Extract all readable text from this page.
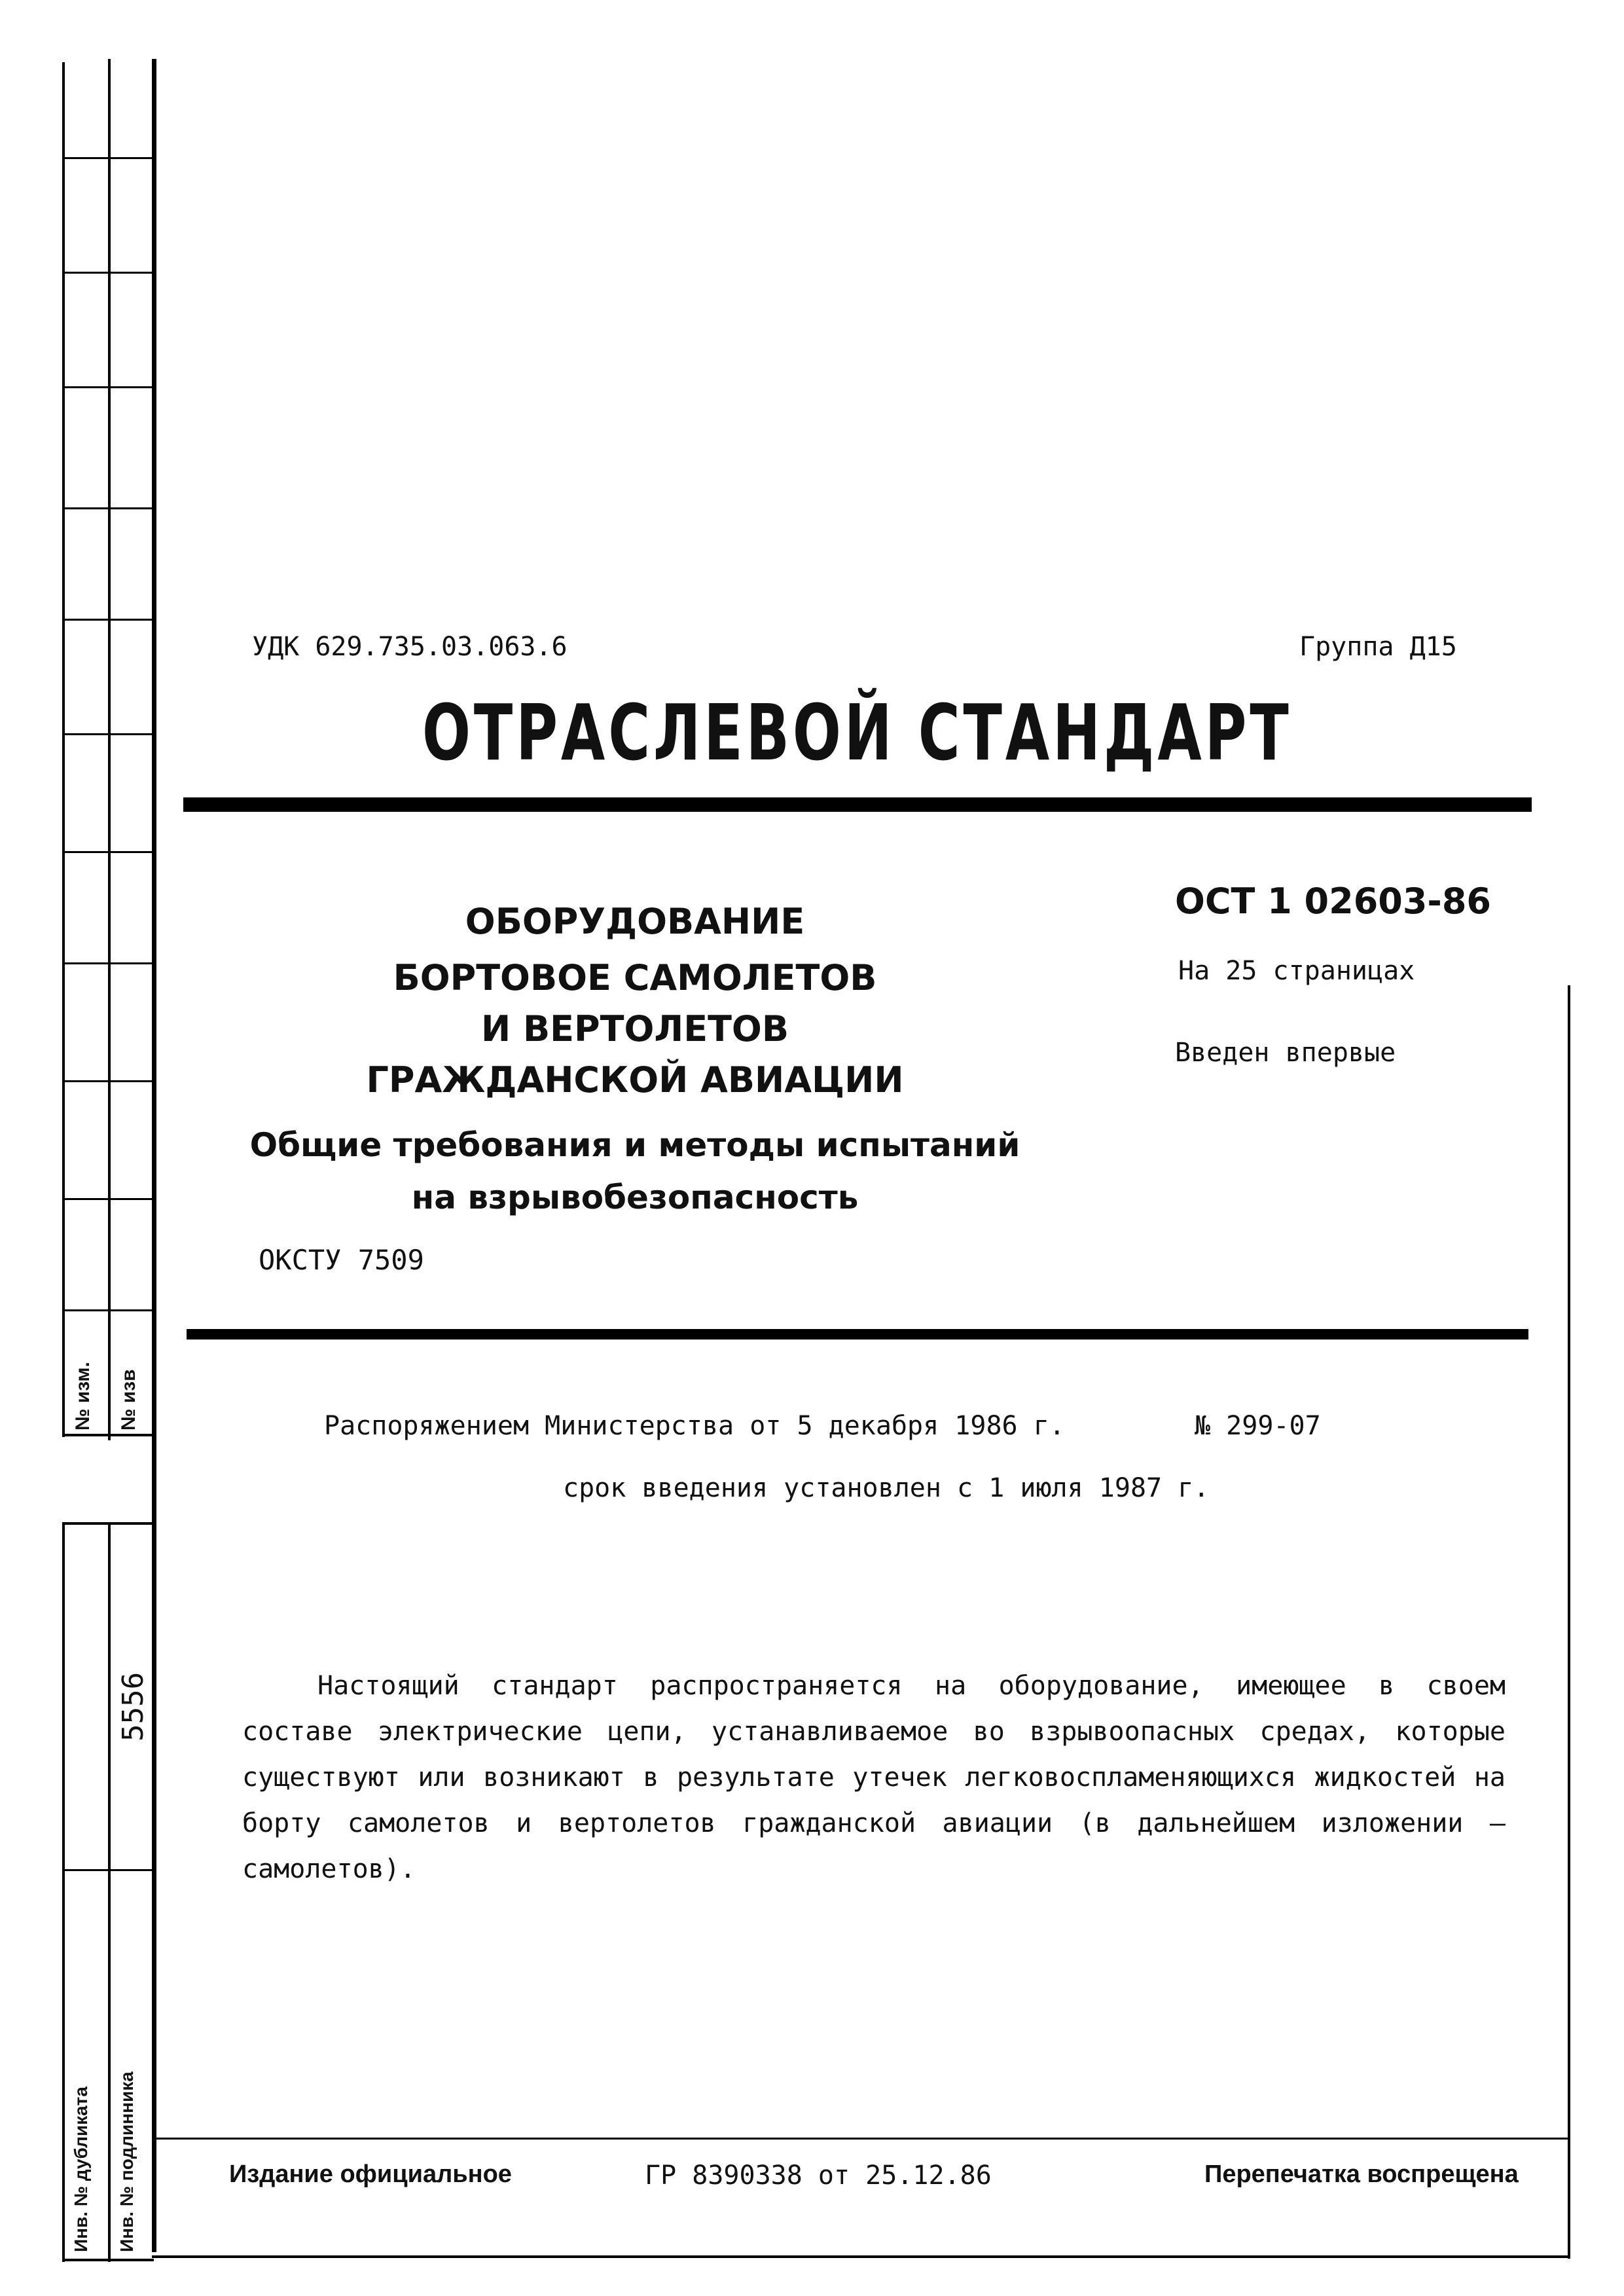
№ изм. № изв
5556
Инв. № дубликата Инв. № подлинника
УДК 629.735.03.063.6	Группа Д15
ОТРАСЛЕВОЙ СТАНДАРТ
ОБОРУДОВАНИЕ
БОРТОВОЕ САМОЛЕТОВ
И ВЕРТОЛЕТОВ
ГРАЖДАНСКОЙ АВИАЦИИ
Общие требования и методы испытаний
на взрывобезопасность
ОКСТУ 7509
ОСТ 1 02603-86
На 25 страницах
Введен впервые
Распоряжением Министерства от 5 декабря 1986 г.	№ 299-07
срок введения установлен с 1 июля 1987 г.
Настоящий стандарт распространяется на оборудование, имеющее в своем составе электрические цепи, устанавливаемое во взрывоопасных средах, которые существуют или возникают в результате утечек легковоспламеняющихся жидкостей на борту самолетов и вертолетов гражданской авиации (в дальнейшем изложении – самолетов).
Издание официальное	ГР 8390338 от 25.12.86	Перепечатка воспрещена
